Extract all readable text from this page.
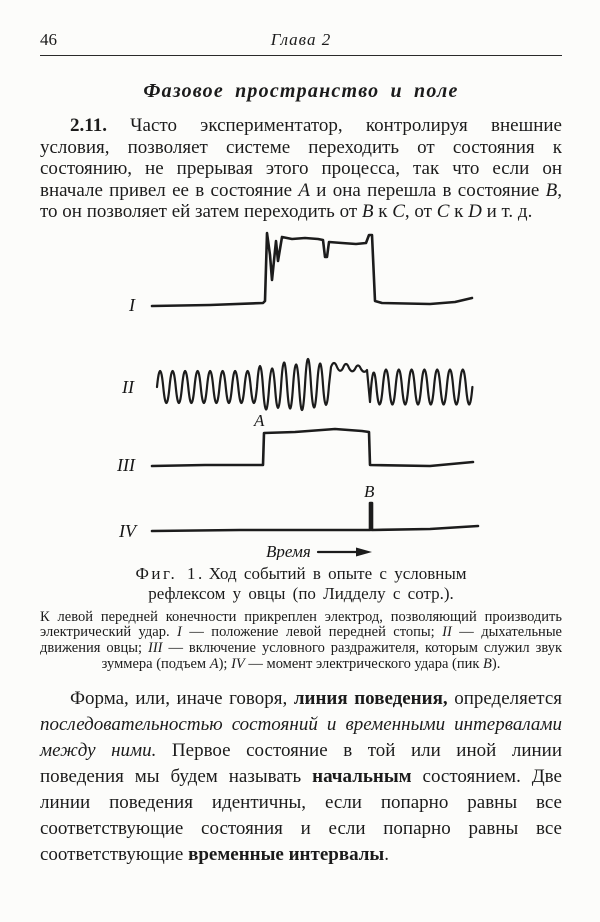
46	Глава 2
Фазовое пространство и поле

2.11. Часто экспериментатор, контролируя внешние условия, позволяет системе переходить от состояния к состоянию, не прерывая этого процесса, так что если он вначале привел ее в состояние A и она перешла в состояние B, то он позволяет ей затем переходить от B к C, от C к D и т. д.

I
II
III
A
IV
B
Время
Фиг. 1. Ход событий в опыте с условным рефлексом у овцы (по Лидделу с сотр.).

К левой передней конечности прикреплен электрод, позволяющий производить электрический удар. I — положение левой передней стопы; II — дыхательные движения овцы; III — включение условного раздражителя, которым служил звук зуммера (подъем A); IV — момент электрического удара (пик B).

Форма, или, иначе говоря, линия поведения, определяется последовательностью состояний и временными интервалами между ними. Первое состояние в той или иной линии поведения мы будем называть начальным состоянием. Две линии поведения идентичны, если попарно равны все соответствующие состояния и если попарно равны все соответствующие временные интервалы.
